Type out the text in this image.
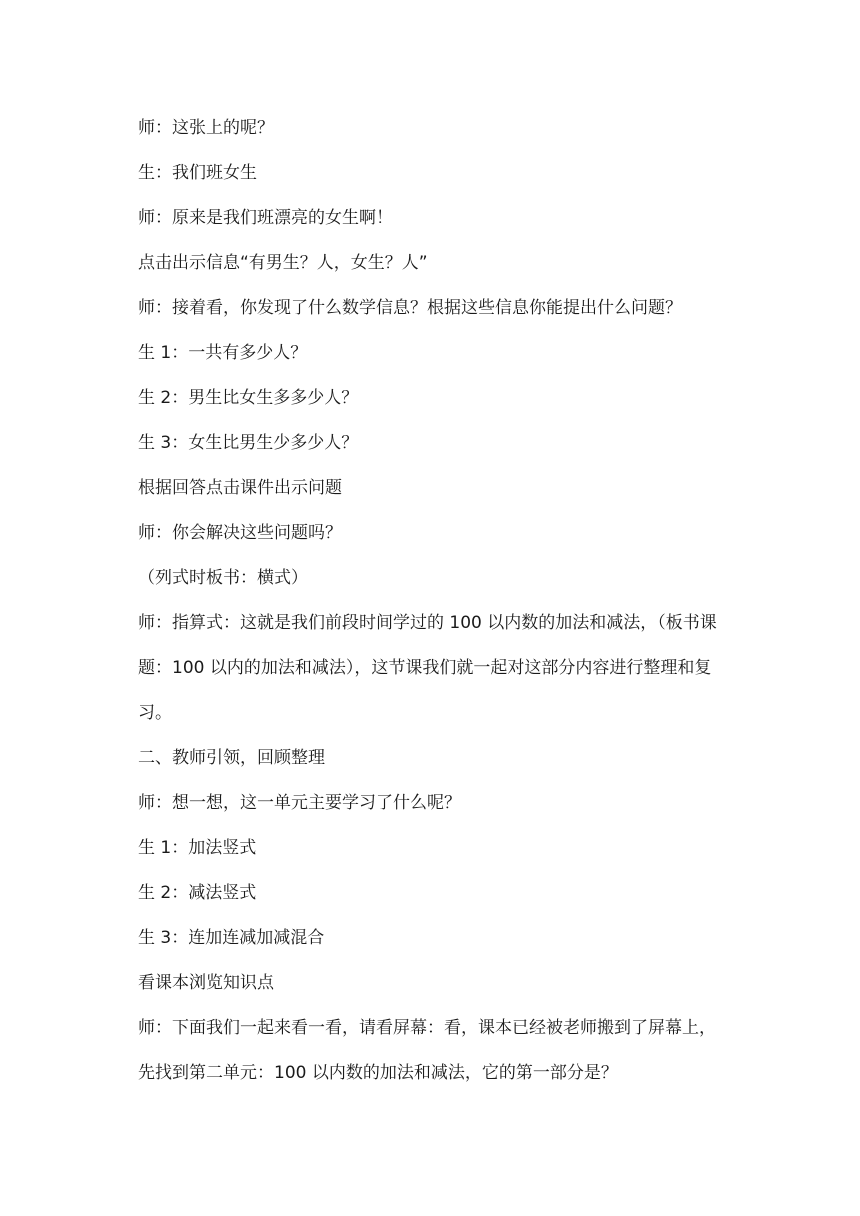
师：这张上的呢？

生：我们班女生

师：原来是我们班漂亮的女生啊！

点击出示信息“有男生？人，女生？人”

师：接着看，你发现了什么数学信息？根据这些信息你能提出什么问题？

生 1：一共有多少人？

生 2：男生比女生多多少人？

生 3：女生比男生少多少人？

根据回答点击课件出示问题

师：你会解决这些问题吗？

（列式时板书：横式）

师：指算式：这就是我们前段时间学过的 100 以内数的加法和减法，（板书课

题：100 以内的加法和减法），这节课我们就一起对这部分内容进行整理和复

习。

二、教师引领，回顾整理

师：想一想，这一单元主要学习了什么呢？

生 1：加法竖式

生 2：减法竖式

生 3：连加连减加减混合

看课本浏览知识点

师：下面我们一起来看一看，请看屏幕：看，课本已经被老师搬到了屏幕上，

先找到第二单元：100 以内数的加法和减法，它的第一部分是？
